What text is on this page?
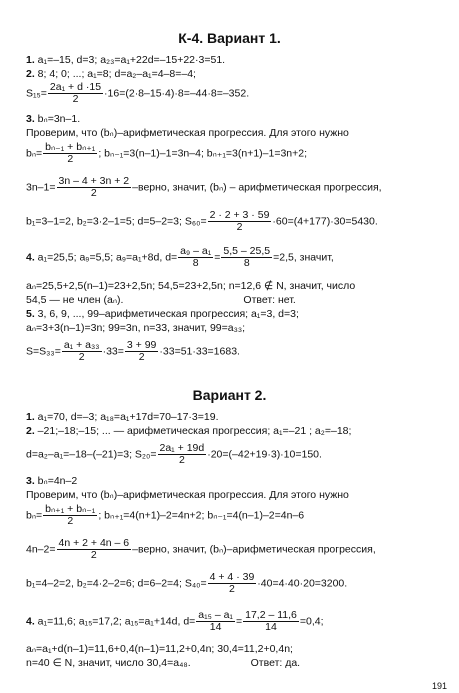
К-4. Вариант 1.
1. a₁=–15, d=3; a₂₃=a₁+22d=–15+22·3=51.
2. 8; 4; 0; ...; a₁=8; d=a₂–a₁=4–8=–4;
$S_{15}= \frac{\text{2a₁ + d ·15}}{2} \cdot 16=(2\cdot 8-15\cdot 4)\cdot 8=-44\cdot 8=-352$.
3. bₙ=3n–1.
Проверим, что (bₙ)–арифметическая прогрессия. Для этого нужно
$b_n= \frac{\text{bₙ₋₁ + bₙ₊₁}}{2}$ ; bₙ₋₁=3(n–1)–1=3n–4; bₙ₊₁=3(n+1)–1=3n+2;
$3n-1= \frac{3n - 4 + 3n + 2}{2}$ –верно, значит, (bₙ) – арифметическая прогрессия,
b₁=3–1=2, b₂=3·2–1=5; d=5–2=3; $S_{60}= \frac{2 \cdot 2 + 3 \cdot 59}{2} \cdot 60=(4+177)\cdot 30=5430$.
4. a₁=25,5; a₉=5,5; a₉=a₁+8d, $d= \frac{\text{a₉ – a₁}}{8} = \frac{5,5 - 25,5}{8} =2,5$, значит,
aₙ=25,5+2,5(n–1)=23+2,5n; 54,5=23+2,5n; n=12,6 ∉ N, значит, число
54,5 — не член (aₙ).	Ответ: нет.
5. 3, 6, 9, ..., 99–арифметическая прогрессия; a₁=3, d=3;
aₙ=3+3(n–1)=3n; 99=3n, n=33, значит, 99=a₃₃;
$S=S_{33}= \frac{\text{a₁ + a₃₃}}{2} \cdot 33= \frac{3 + 99}{2} \cdot 33=51\cdot 33=1683$.
Вариант 2.
1. a₁=70, d=–3; a₁₈=a₁+17d=70–17·3=19.
2. –21;–18;–15; ... — арифметическая прогрессия; a₁=–21 ; a₂=–18;
d=a₂–a₁=–18–(–21)=3; $S_{20}= \frac{\text{2a₁ + 19d}}{2} \cdot 20=(-42+19\cdot 3)\cdot 10=150$.
3. bₙ=4n–2
Проверим, что (bₙ)–арифметическая прогрессия. Для этого нужно
$b_n= \frac{\text{bₙ₊₁ + bₙ₋₁}}{2}$ ; bₙ₊₁=4(n+1)–2=4n+2; bₙ₋₁=4(n–1)–2=4n–6
$4n-2= \frac{4n + 2 + 4n - 6}{2}$ –верно, значит, (bₙ)–арифметическая прогрессия,
b₁=4–2=2, b₂=4·2–2=6; d=6–2=4; $S_{40}= \frac{4 + 4 \cdot 39}{2} \cdot 40=4\cdot 40\cdot 20=3200$.
4. a₁=11,6; a₁₅=17,2; a₁₅=a₁+14d, $d= \frac{\text{a₁₅ – a₁}}{14} = \frac{17,2 - 11,6}{14} =0,4$;
aₙ=a₁+d(n–1)=11,6+0,4(n–1)=11,2+0,4n; 30,4=11,2+0,4n;
n=40 ∈ N, значит, число 30,4=a₄₈.	Ответ: да.
191
